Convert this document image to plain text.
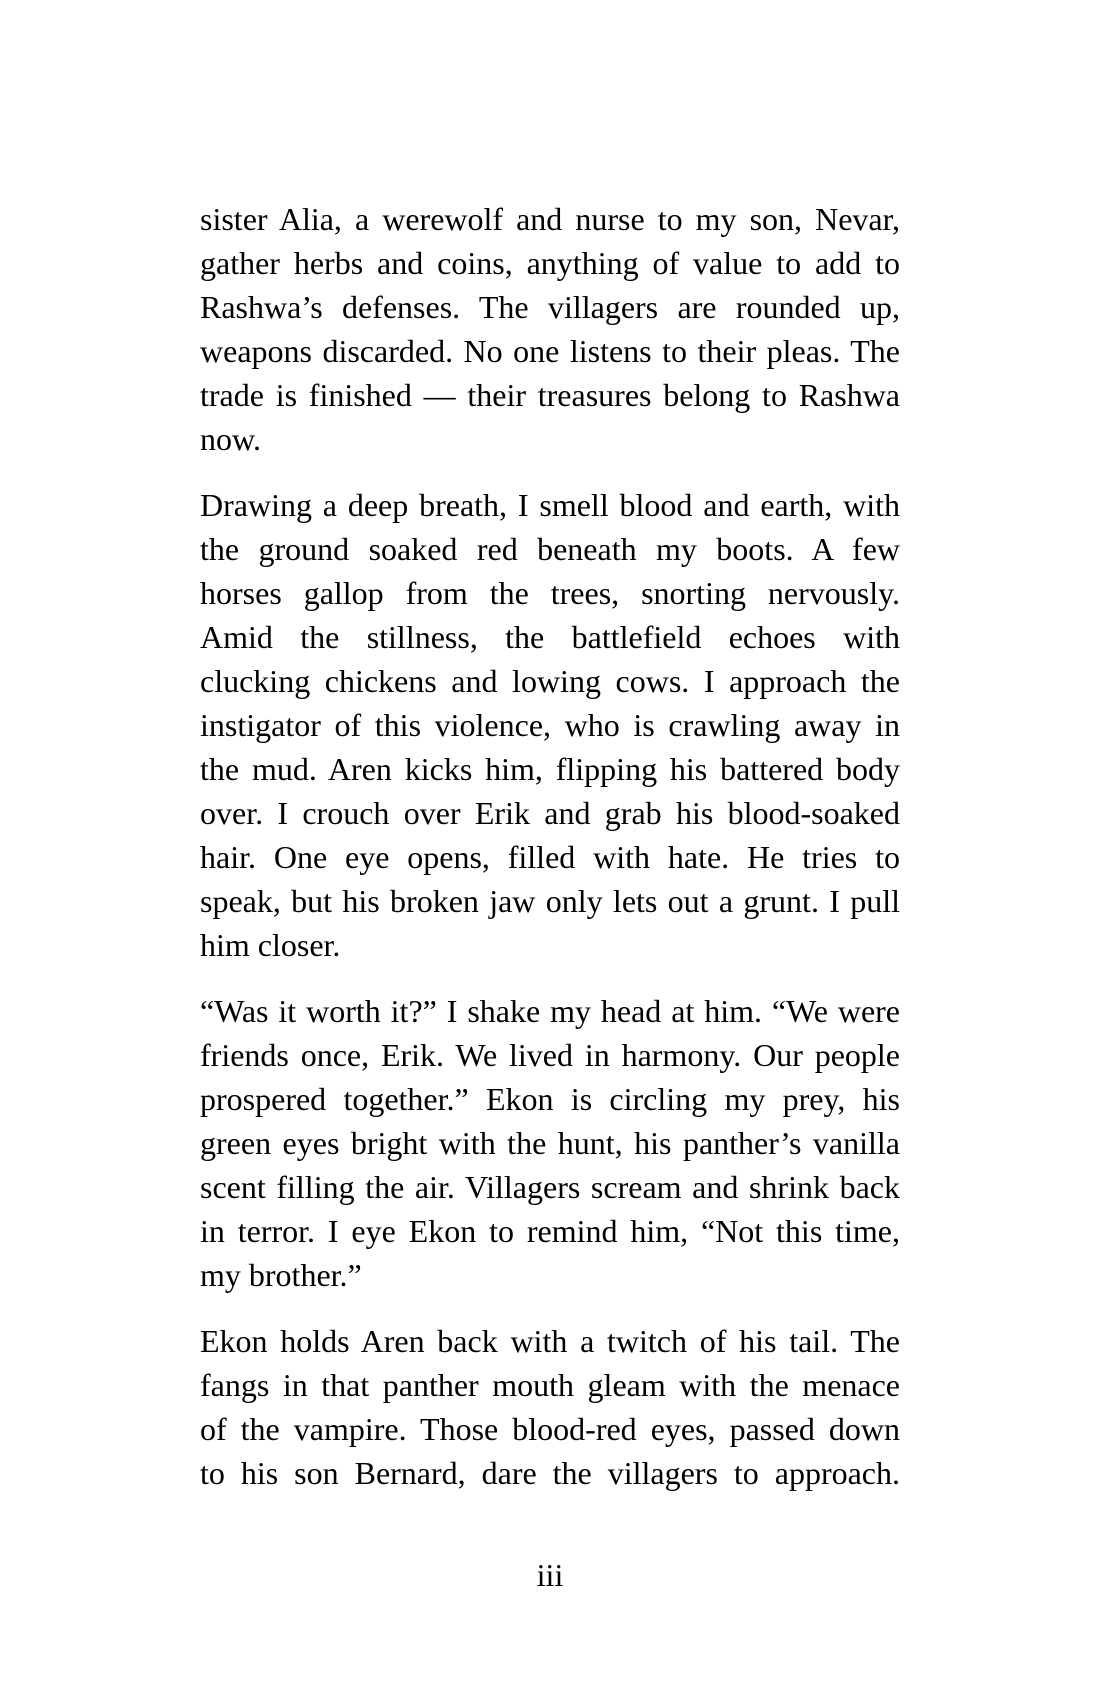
sister Alia, a werewolf and nurse to my son, Nevar,
gather herbs and coins, anything of value to add to
Rashwa’s defenses. The villagers are rounded up,
weapons discarded. No one listens to their pleas. The
trade is finished — their treasures belong to Rashwa
now.
Drawing a deep breath, I smell blood and earth, with
the ground soaked red beneath my boots. A few
horses gallop from the trees, snorting nervously.
Amid the stillness, the battlefield echoes with
clucking chickens and lowing cows. I approach the
instigator of this violence, who is crawling away in
the mud. Aren kicks him, flipping his battered body
over. I crouch over Erik and grab his blood-soaked
hair. One eye opens, filled with hate. He tries to
speak, but his broken jaw only lets out a grunt. I pull
him closer.
“Was it worth it?” I shake my head at him. “We were
friends once, Erik. We lived in harmony. Our people
prospered together.” Ekon is circling my prey, his
green eyes bright with the hunt, his panther’s vanilla
scent filling the air. Villagers scream and shrink back
in terror. I eye Ekon to remind him, “Not this time,
my brother.”
Ekon holds Aren back with a twitch of his tail. The
fangs in that panther mouth gleam with the menace
of the vampire. Those blood-red eyes, passed down
to his son Bernard, dare the villagers to approach.
iii
